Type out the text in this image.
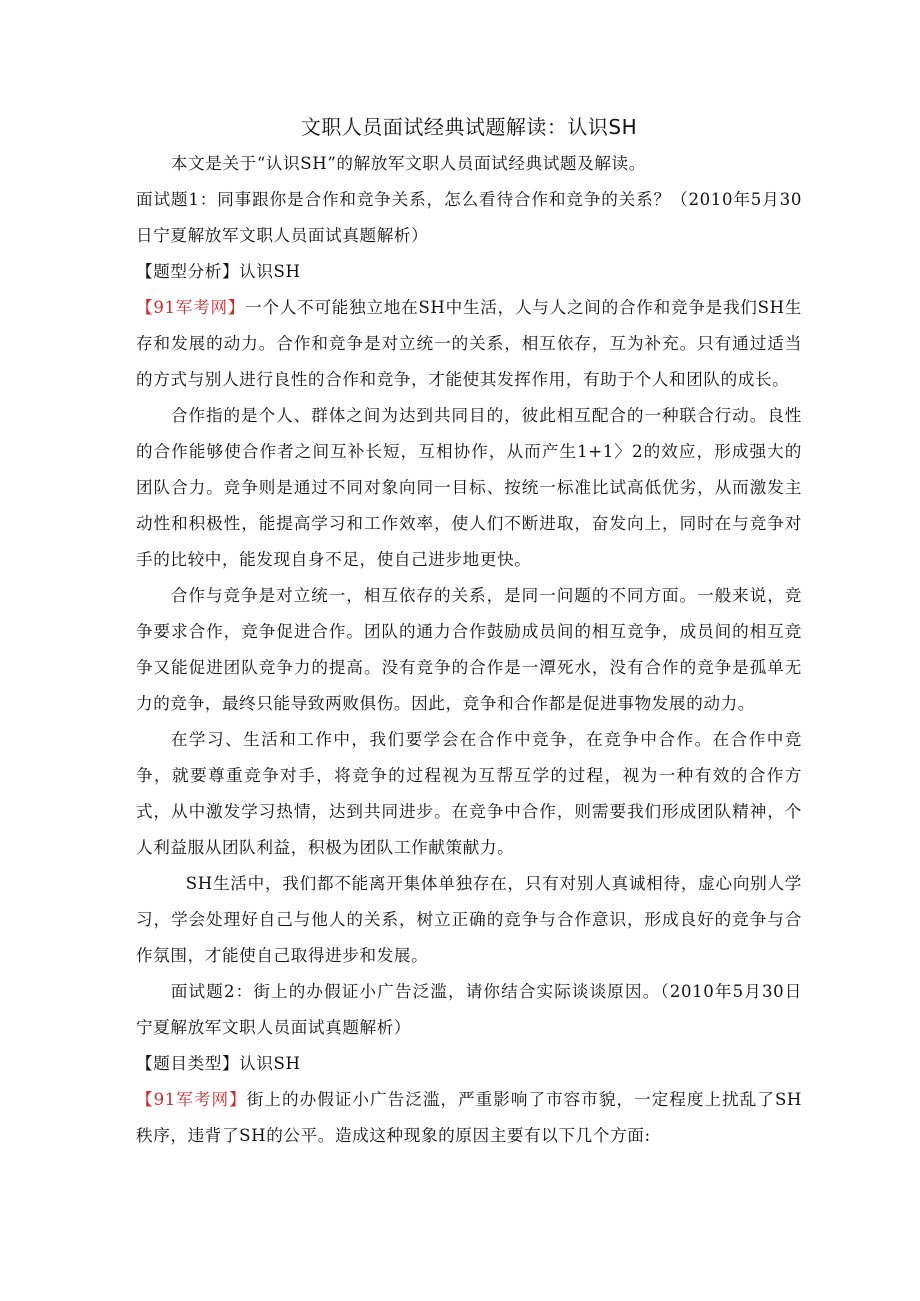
文职人员面试经典试题解读：认识SH

本文是关于“认识SH”的解放军文职人员面试经典试题及解读。

面试题1：同事跟你是合作和竞争关系，怎么看待合作和竞争的关系？（2010年5月30日宁夏解放军文职人员面试真题解析）

【题型分析】认识SH

【91军考网】一个人不可能独立地在SH中生活，人与人之间的合作和竞争是我们SH生存和发展的动力。合作和竞争是对立统一的关系，相互依存，互为补充。只有通过适当的方式与别人进行良性的合作和竞争，才能使其发挥作用，有助于个人和团队的成长。

合作指的是个人、群体之间为达到共同目的，彼此相互配合的一种联合行动。良性的合作能够使合作者之间互补长短，互相协作，从而产生1+1〉2的效应，形成强大的团队合力。竞争则是通过不同对象向同一目标、按统一标准比试高低优劣，从而激发主动性和积极性，能提高学习和工作效率，使人们不断进取，奋发向上，同时在与竞争对手的比较中，能发现自身不足，使自己进步地更快。

合作与竞争是对立统一，相互依存的关系，是同一问题的不同方面。一般来说，竞争要求合作，竞争促进合作。团队的通力合作鼓励成员间的相互竞争，成员间的相互竞争又能促进团队竞争力的提高。没有竞争的合作是一潭死水，没有合作的竞争是孤单无力的竞争，最终只能导致两败俱伤。因此，竞争和合作都是促进事物发展的动力。

在学习、生活和工作中，我们要学会在合作中竞争，在竞争中合作。在合作中竞争，就要尊重竞争对手，将竞争的过程视为互帮互学的过程，视为一种有效的合作方式，从中激发学习热情，达到共同进步。在竞争中合作，则需要我们形成团队精神，个人利益服从团队利益，积极为团队工作献策献力。

SH生活中，我们都不能离开集体单独存在，只有对别人真诚相待，虚心向别人学习，学会处理好自己与他人的关系，树立正确的竞争与合作意识，形成良好的竞争与合作氛围，才能使自己取得进步和发展。

面试题2：街上的办假证小广告泛滥，请你结合实际谈谈原因。（2010年5月30日宁夏解放军文职人员面试真题解析）

【题目类型】认识SH

【91军考网】街上的办假证小广告泛滥，严重影响了市容市貌，一定程度上扰乱了SH秩序，违背了SH的公平。造成这种现象的原因主要有以下几个方面:
